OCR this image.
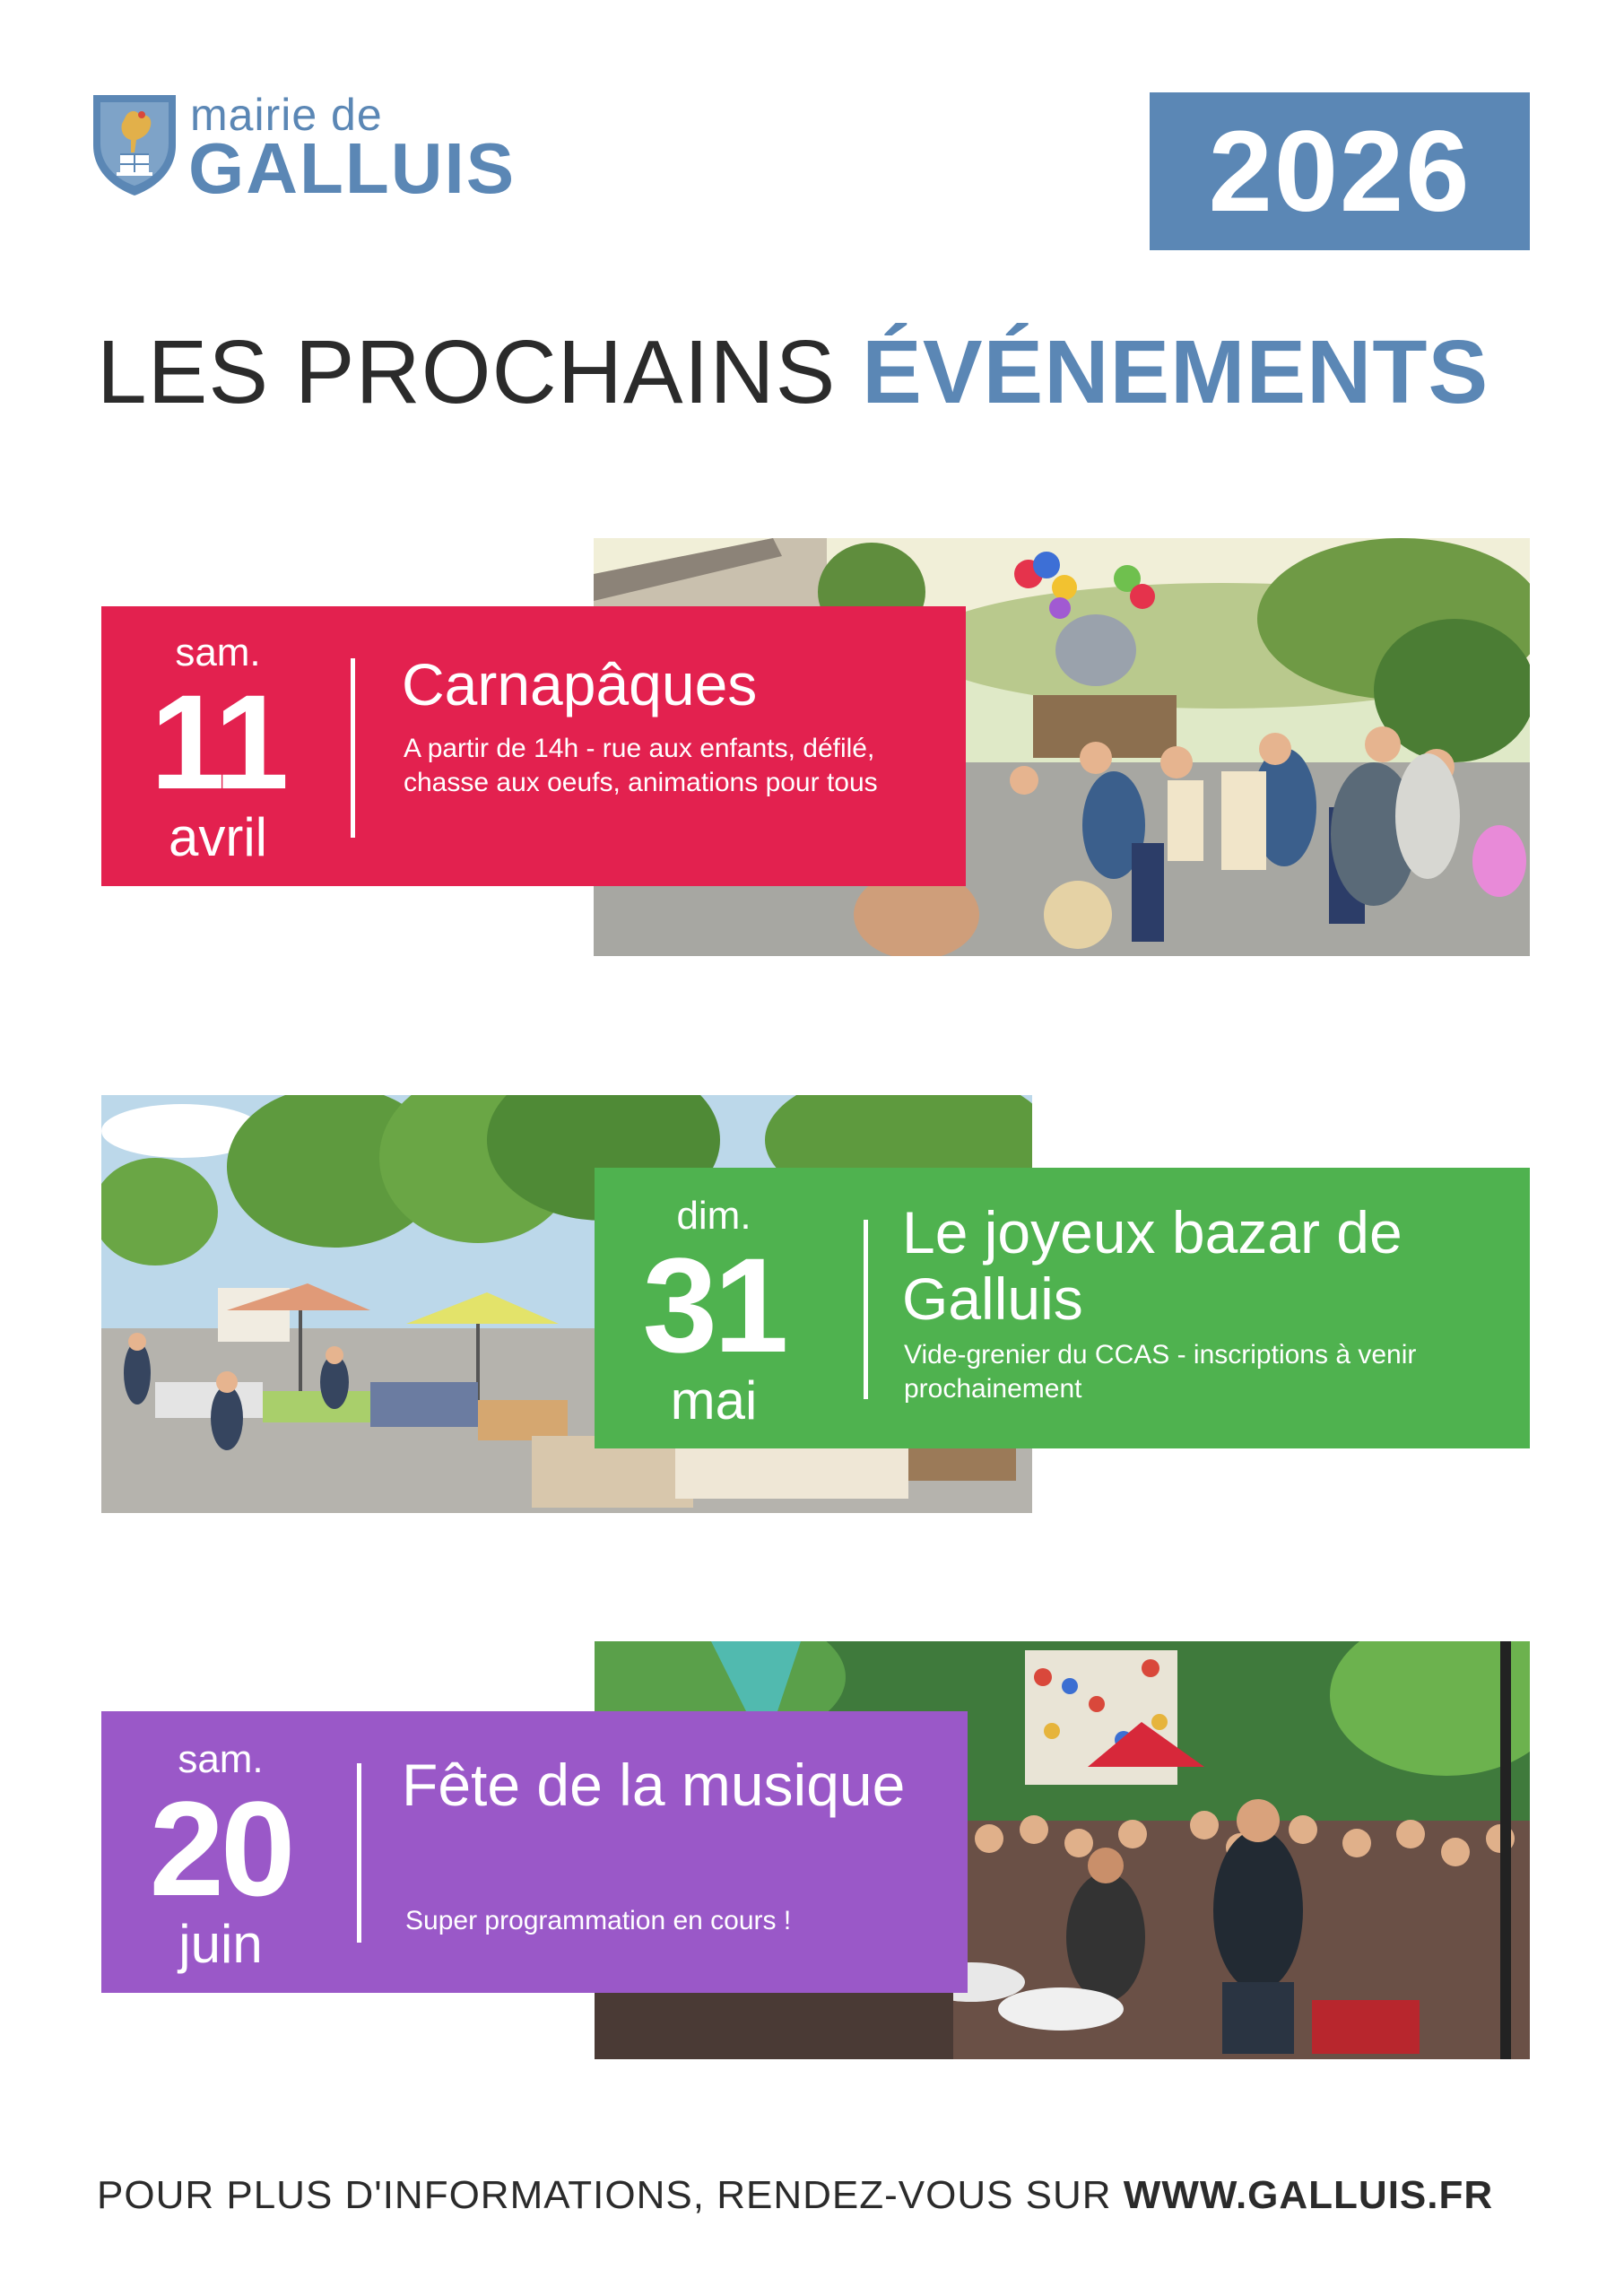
mairie de
GALLUIS	2026
LES PROCHAINS ÉVÉNEMENTS
sam.
11
avril
Carnapâques
A partir de 14h - rue aux enfants, défilé, chasse aux oeufs, animations pour tous
dim.
31
mai
Le joyeux bazar de Galluis
Vide-grenier du CCAS - inscriptions à venir prochainement
sam.
20
juin
Fête de la musique
Super programmation en cours !
POUR PLUS D'INFORMATIONS, RENDEZ-VOUS SUR WWW.GALLUIS.FR
